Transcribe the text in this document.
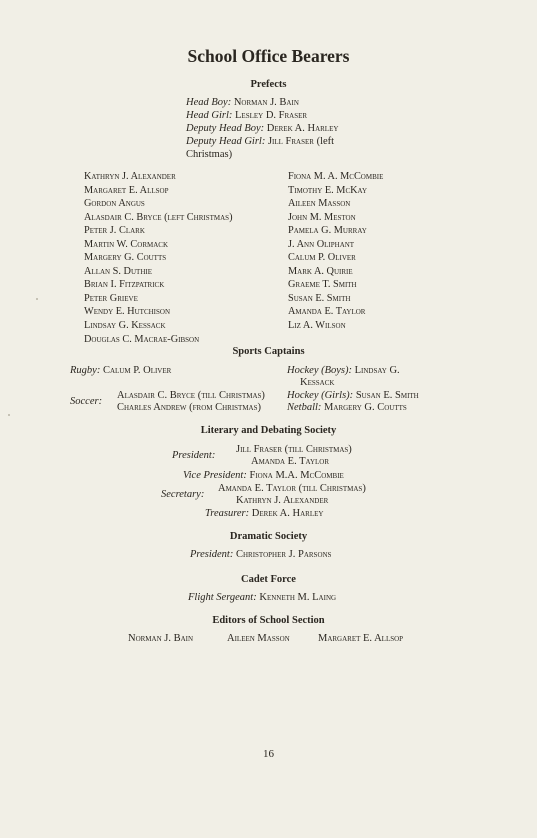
School Office Bearers
Prefects
Head Boy: Norman J. Bain
Head Girl: Lesley D. Fraser
Deputy Head Boy: Derek A. Harley
Deputy Head Girl: Jill Fraser (left
Christmas)
Kathryn J. Alexander
Margaret E. Allsop
Gordon Angus
Alasdair C. Bryce (left Christmas)
Peter J. Clark
Martin W. Cormack
Margery G. Coutts
Allan S. Duthie
Brian I. Fitzpatrick
Peter Grieve
Wendy E. Hutchison
Lindsay G. Kessack
Douglas C. Macrae-Gibson
Fiona M. A. McCombie
Timothy E. McKay
Aileen Masson
John M. Meston
Pamela G. Murray
J. Ann Oliphant
Calum P. Oliver
Mark A. Quirie
Graeme T. Smith
Susan E. Smith
Amanda E. Taylor
Liz A. Wilson
Sports Captains
Rugby: Calum P. Oliver	Hockey (Boys): Lindsay G.
Kessack
Soccer:
Alasdair C. Bryce (till Christmas)
Charles Andrew (from Christmas)
Hockey (Girls): Susan E. Smith
Netball: Margery G. Coutts
Literary and Debating Society
President:
Jill Fraser (till Christmas)
Amanda E. Taylor
Vice President: Fiona M.A. McCombie
Secretary:
Amanda E. Taylor (till Christmas)
Kathryn J. Alexander
Treasurer: Derek A. Harley
Dramatic Society
President: Christopher J. Parsons
Cadet Force
Flight Sergeant: Kenneth M. Laing
Editors of School Section
Norman J. Bain	Aileen Masson	Margaret E. Allsop
16
